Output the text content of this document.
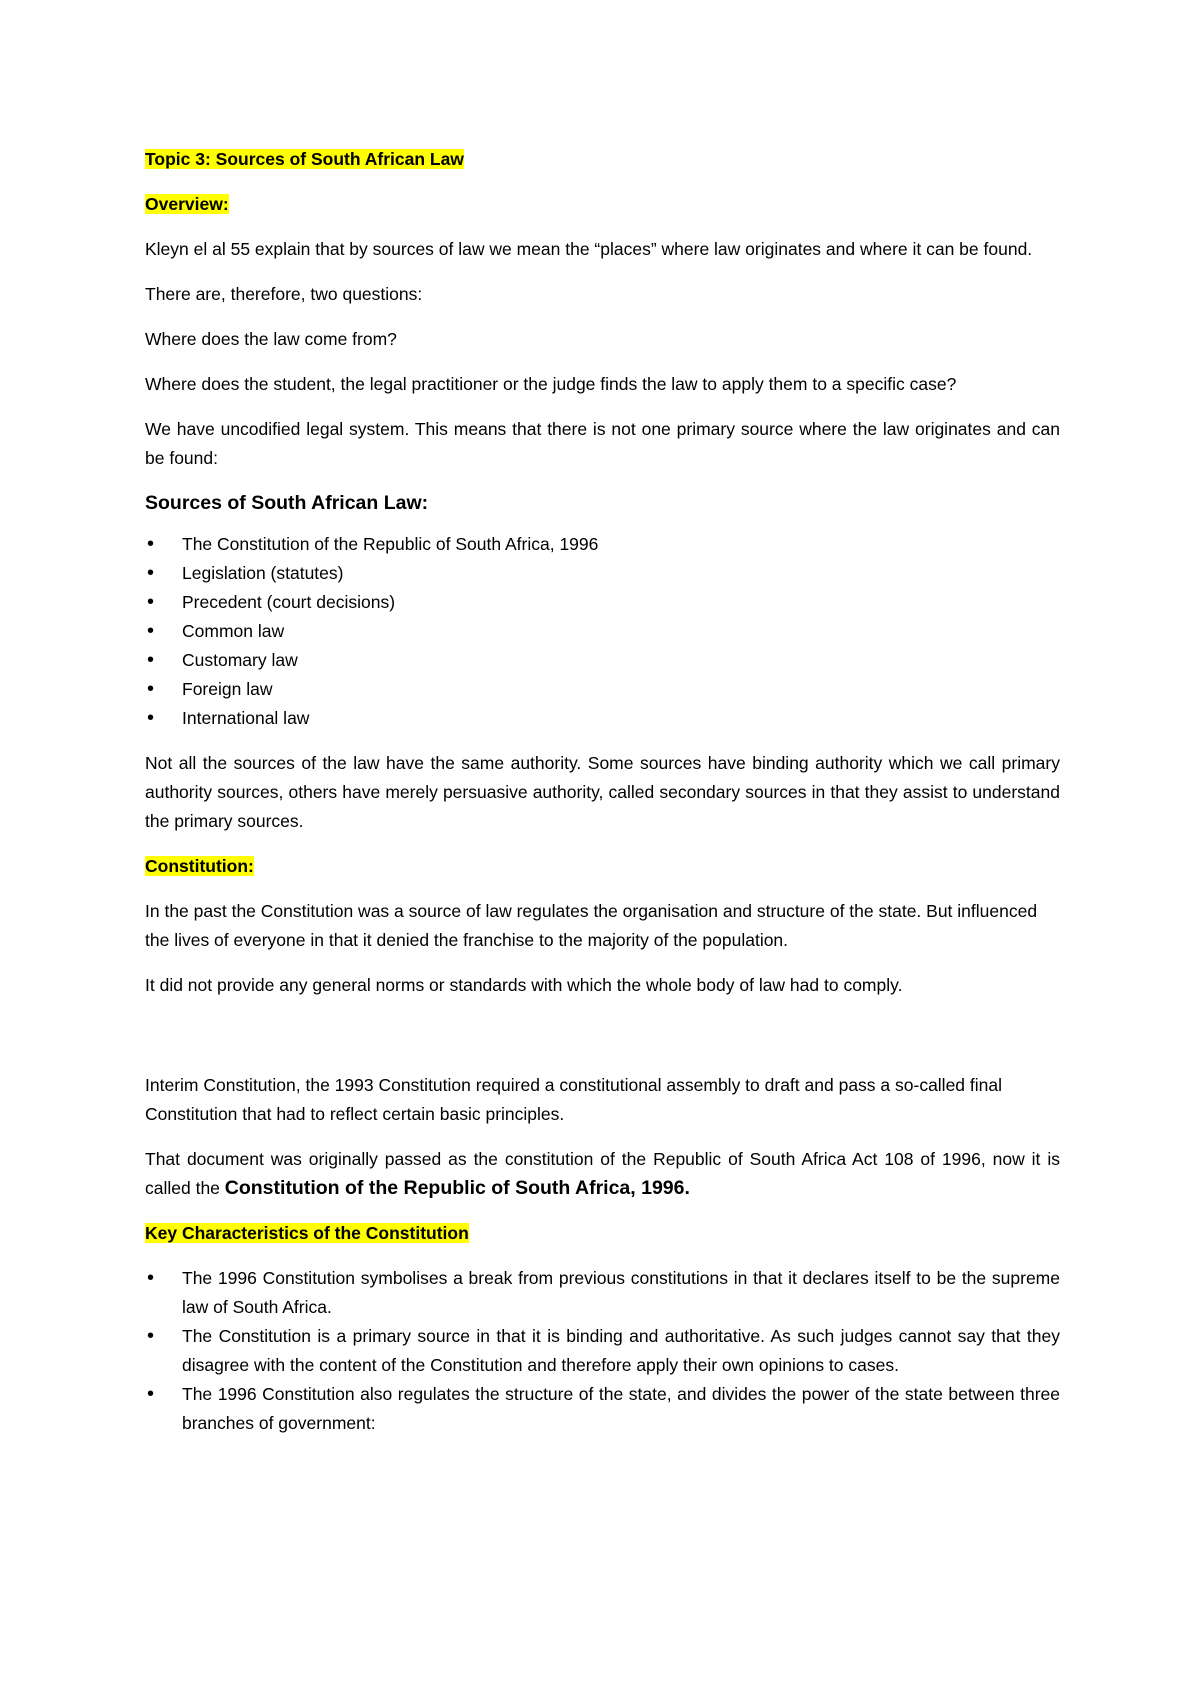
Topic 3: Sources of South African Law

Overview:

Kleyn el al 55 explain that by sources of law we mean the “places” where law originates and where it can be found.

There are, therefore, two questions:

Where does the law come from?

Where does the student, the legal practitioner or the judge finds the law to apply them to a specific case?

We have uncodified legal system. This means that there is not one primary source where the law originates and can be found:

Sources of South African Law:

• The Constitution of the Republic of South Africa, 1996
• Legislation (statutes)
• Precedent (court decisions)
• Common law
• Customary law
• Foreign law
• International law

Not all the sources of the law have the same authority. Some sources have binding authority which we call primary authority sources, others have merely persuasive authority, called secondary sources in that they assist to understand the primary sources.

Constitution:

In the past the Constitution was a source of law regulates the organisation and structure of the state. But influenced the lives of everyone in that it denied the franchise to the majority of the population.

It did not provide any general norms or standards with which the whole body of law had to comply.

Interim Constitution, the 1993 Constitution required a constitutional assembly to draft and pass a so-called final Constitution that had to reflect certain basic principles.

That document was originally passed as the constitution of the Republic of South Africa Act 108 of 1996, now it is called the Constitution of the Republic of South Africa, 1996.

Key Characteristics of the Constitution

• The 1996 Constitution symbolises a break from previous constitutions in that it declares itself to be the supreme law of South Africa.
• The Constitution is a primary source in that it is binding and authoritative. As such judges cannot say that they disagree with the content of the Constitution and therefore apply their own opinions to cases.
• The 1996 Constitution also regulates the structure of the state, and divides the power of the state between three branches of government:
